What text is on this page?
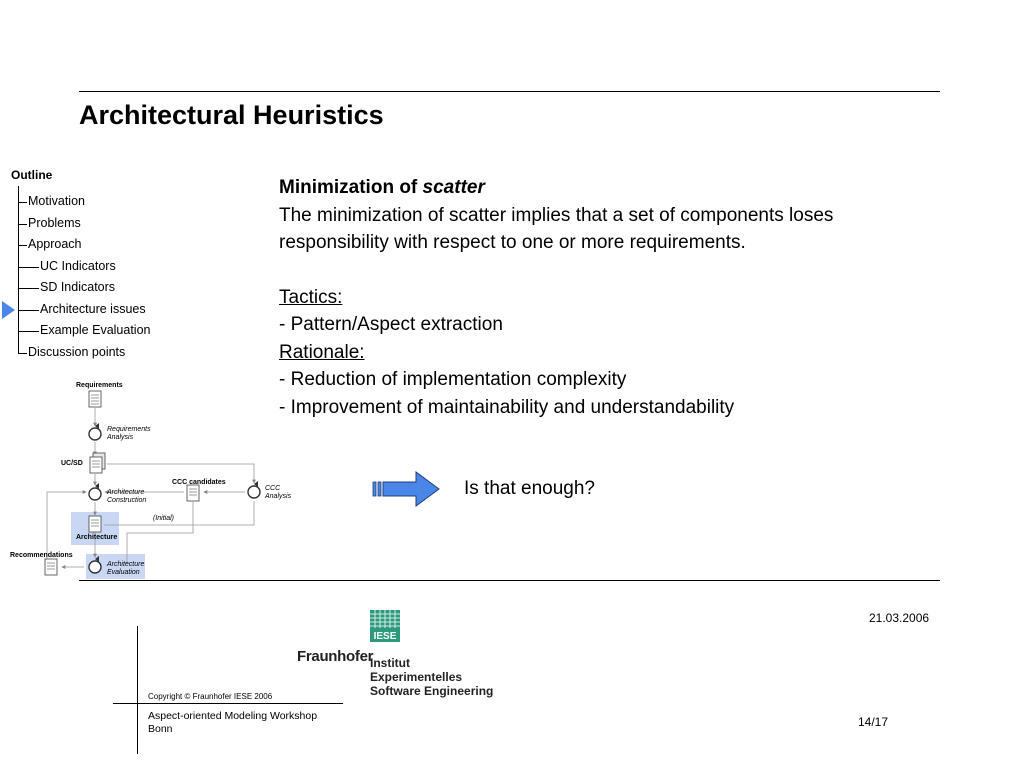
Architectural Heuristics
Outline
Motivation
Problems
Approach
UC Indicators
SD Indicators
Architecture issues
Example Evaluation
Discussion points
Requirements
Requirements
Analysis
UC/SD
CCC candidates
CCC
Analysis
Architecture
Construction
(Initial)
Architecture
Recommendations
Architecture
Evaluation
Minimization of scatter
The minimization of scatter implies that a set of components loses responsibility with respect to one or more requirements.
Tactics:
- Pattern/Aspect extraction
Rationale:
- Reduction of implementation complexity
- Improvement of maintainability and understandability
Is that enough?
21.03.2006
Copyright © Fraunhofer IESE 2006
Aspect-oriented Modeling Workshop
Bonn	14/17
IESE
Fraunhofer
Institut
Experimentelles
Software Engineering
